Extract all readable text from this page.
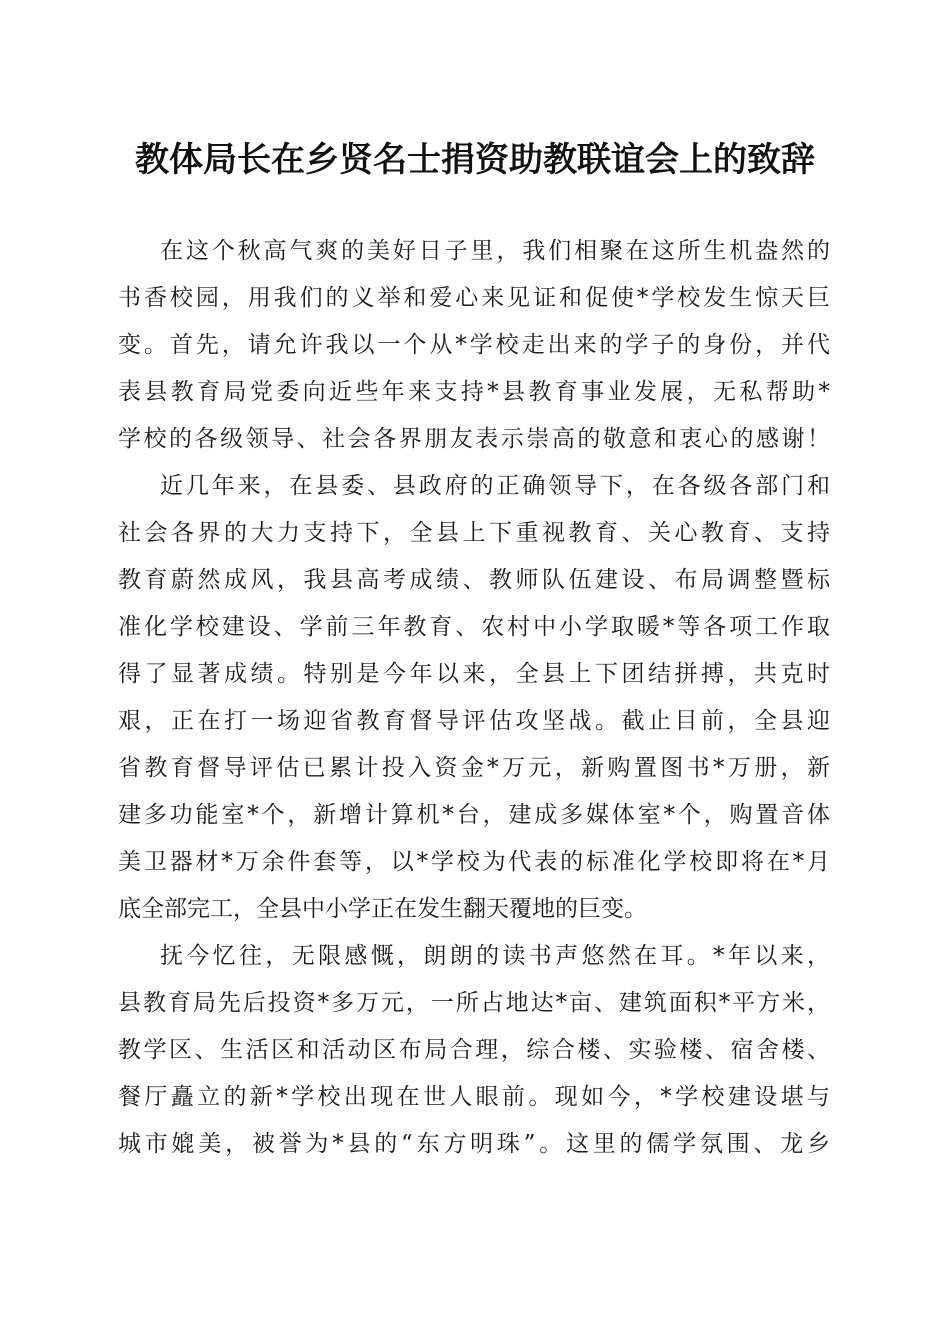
教体局长在乡贤名士捐资助教联谊会上的致辞
在这个秋高气爽的美好日子里，我们相聚在这所生机盎然的
书香校园，用我们的义举和爱心来见证和促使*学校发生惊天巨
变。首先，请允许我以一个从*学校走出来的学子的身份，并代
表县教育局党委向近些年来支持*县教育事业发展，无私帮助*
学校的各级领导、社会各界朋友表示崇高的敬意和衷心的感谢！
近几年来，在县委、县政府的正确领导下，在各级各部门和
社会各界的大力支持下，全县上下重视教育、关心教育、支持
教育蔚然成风，我县高考成绩、教师队伍建设、布局调整暨标
准化学校建设、学前三年教育、农村中小学取暖*等各项工作取
得了显著成绩。特别是今年以来，全县上下团结拼搏，共克时
艰，正在打一场迎省教育督导评估攻坚战。截止目前，全县迎
省教育督导评估已累计投入资金*万元，新购置图书*万册，新
建多功能室*个，新增计算机*台，建成多媒体室*个，购置音体
美卫器材*万余件套等，以*学校为代表的标准化学校即将在*月
底全部完工，全县中小学正在发生翻天覆地的巨变。
抚今忆往，无限感慨，朗朗的读书声悠然在耳。*年以来，
县教育局先后投资*多万元，一所占地达*亩、建筑面积*平方米，
教学区、生活区和活动区布局合理，综合楼、实验楼、宿舍楼、
餐厅矗立的新*学校出现在世人眼前。现如今，*学校建设堪与
城市媲美，被誉为*县的“东方明珠”。这里的儒学氛围、龙乡
